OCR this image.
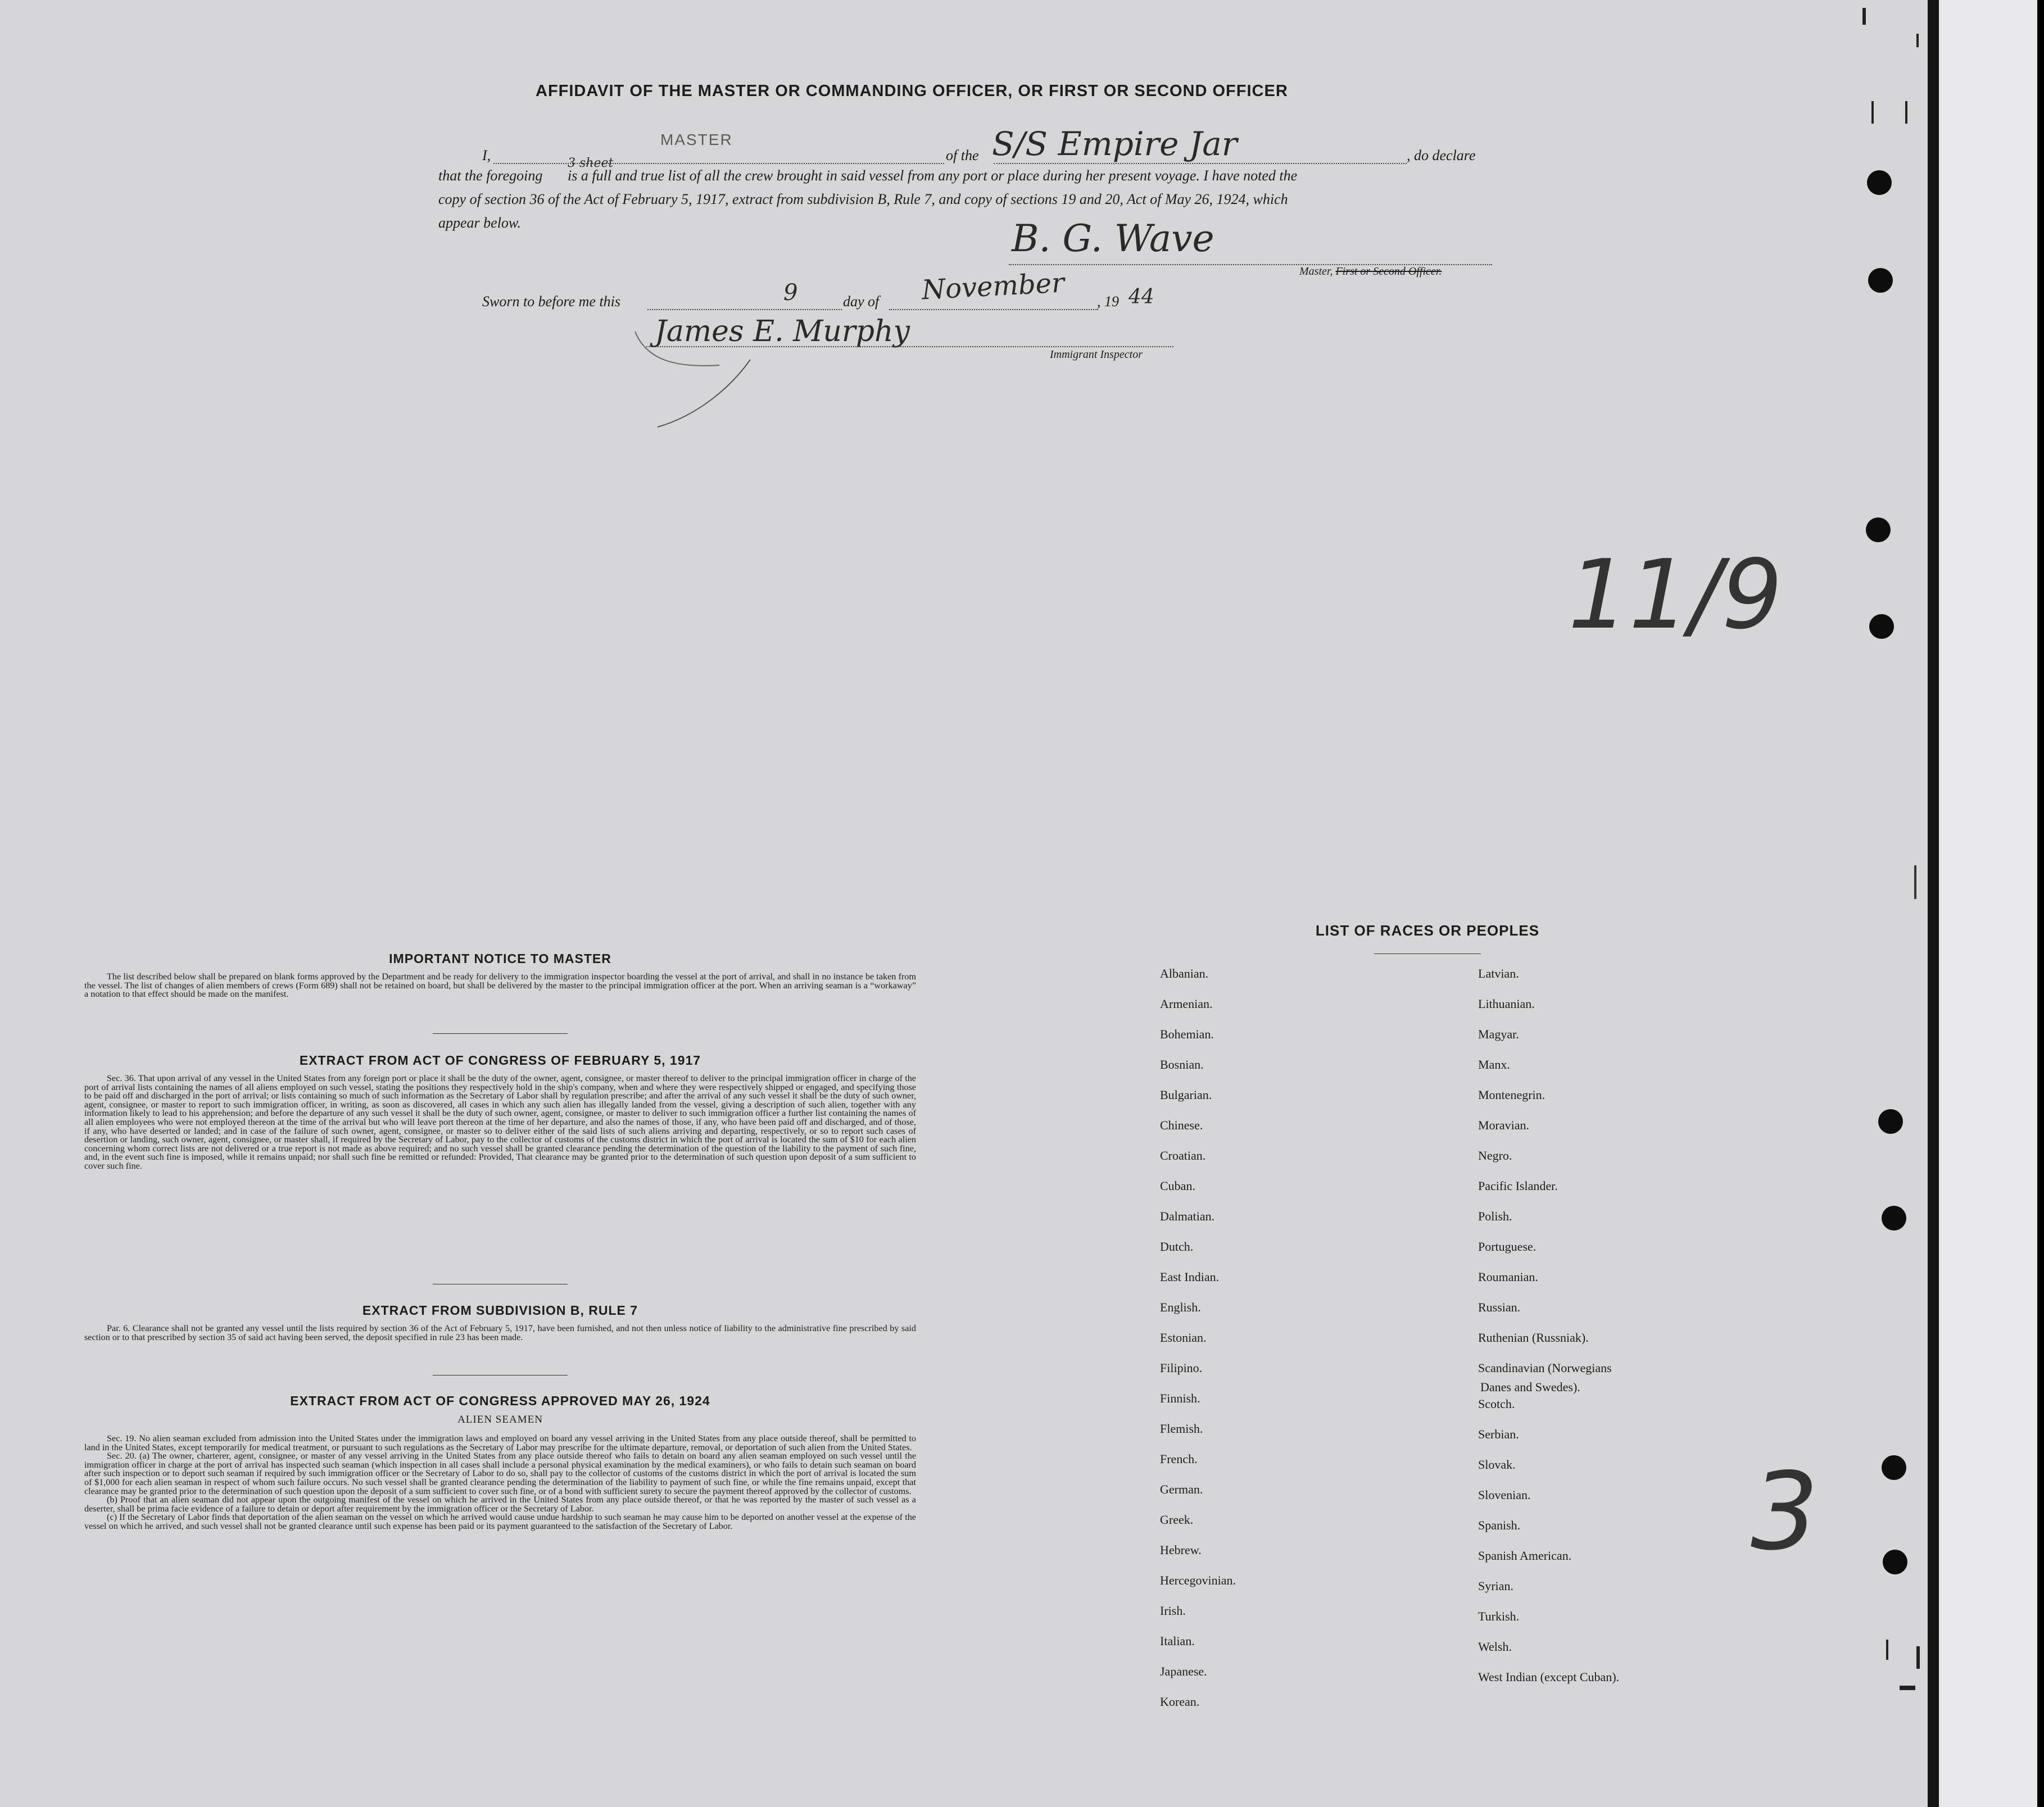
AFFIDAVIT OF THE MASTER OR COMMANDING OFFICER, OR FIRST OR SECOND OFFICER
MASTER
I,	of the S/S Empire Jar	, do declare
that the foregoing
3 sheet
is a full and true list of all the crew brought in said vessel from any port or place during her present voyage. I have noted the
copy of section 36 of the Act of February 5, 1917, extract from subdivision B, Rule 7, and copy of sections 19 and 20, Act of May 26, 1924, which
appear below.	B. G. Wave
Master, First or Second Officer.
Sworn to before me this	9	day of November , 19 44
James E. Murphy
Immigrant Inspector
11/9
3
IMPORTANT NOTICE TO MASTER

The list described below shall be prepared on blank forms approved by the Department and be ready for delivery to the immigration inspector boarding the vessel at the port of arrival, and shall in no instance be taken from the vessel. The list of changes of alien members of crews (Form 689) shall not be retained on board, but shall be delivered by the master to the principal immigration officer at the port. When an arriving seaman is a “workaway” a notation to that effect should be made on the manifest.

EXTRACT FROM ACT OF CONGRESS OF FEBRUARY 5, 1917

Sec. 36. That upon arrival of any vessel in the United States from any foreign port or place it shall be the duty of the owner, agent, consignee, or master thereof to deliver to the principal immigration officer in charge of the port of arrival lists containing the names of all aliens employed on such vessel, stating the positions they respectively hold in the ship's company, when and where they were respectively shipped or engaged, and specifying those to be paid off and discharged in the port of arrival; or lists containing so much of such information as the Secretary of Labor shall by regulation prescribe; and after the arrival of any such vessel it shall be the duty of such owner, agent, consignee, or master to report to such immigration officer, in writing, as soon as discovered, all cases in which any such alien has illegally landed from the vessel, giving a description of such alien, together with any information likely to lead to his apprehension; and before the departure of any such vessel it shall be the duty of such owner, agent, consignee, or master to deliver to such immigration officer a further list containing the names of all alien employees who were not employed thereon at the time of the arrival but who will leave port thereon at the time of her departure, and also the names of those, if any, who have been paid off and discharged, and of those, if any, who have deserted or landed; and in case of the failure of such owner, agent, consignee, or master so to deliver either of the said lists of such aliens arriving and departing, respectively, or so to report such cases of desertion or landing, such owner, agent, consignee, or master shall, if required by the Secretary of Labor, pay to the collector of customs of the customs district in which the port of arrival is located the sum of $10 for each alien concerning whom correct lists are not delivered or a true report is not made as above required; and no such vessel shall be granted clearance pending the determination of the question of the liability to the payment of such fine, and, in the event such fine is imposed, while it remains unpaid; nor shall such fine be remitted or refunded: Provided, That clearance may be granted prior to the determination of such question upon deposit of a sum sufficient to cover such fine.

EXTRACT FROM SUBDIVISION B, RULE 7

Par. 6. Clearance shall not be granted any vessel until the lists required by section 36 of the Act of February 5, 1917, have been furnished, and not then unless notice of liability to the administrative fine prescribed by said section or to that prescribed by section 35 of said act having been served, the deposit specified in rule 23 has been made.

EXTRACT FROM ACT OF CONGRESS APPROVED MAY 26, 1924
ALIEN SEAMEN

Sec. 19. No alien seaman excluded from admission into the United States under the immigration laws and employed on board any vessel arriving in the United States from any place outside thereof, shall be permitted to land in the United States, except temporarily for medical treatment, or pursuant to such regulations as the Secretary of Labor may prescribe for the ultimate departure, removal, or deportation of such alien from the United States.

Sec. 20. (a) The owner, charterer, agent, consignee, or master of any vessel arriving in the United States from any place outside thereof who fails to detain on board any alien seaman employed on such vessel until the immigration officer in charge at the port of arrival has inspected such seaman (which inspection in all cases shall include a personal physical examination by the medical examiners), or who fails to detain such seaman on board after such inspection or to deport such seaman if required by such immigration officer or the Secretary of Labor to do so, shall pay to the collector of customs of the customs district in which the port of arrival is located the sum of $1,000 for each alien seaman in respect of whom such failure occurs. No such vessel shall be granted clearance pending the determination of the liability to payment of such fine, or while the fine remains unpaid, except that clearance may be granted prior to the determination of such question upon the deposit of a sum sufficient to cover such fine, or of a bond with sufficient surety to secure the payment thereof approved by the collector of customs.

(b) Proof that an alien seaman did not appear upon the outgoing manifest of the vessel on which he arrived in the United States from any place outside thereof, or that he was reported by the master of such vessel as a deserter, shall be prima facie evidence of a failure to detain or deport after requirement by the immigration officer or the Secretary of Labor.

(c) If the Secretary of Labor finds that deportation of the alien seaman on the vessel on which he arrived would cause undue hardship to such seaman he may cause him to be deported on another vessel at the expense of the vessel on which he arrived, and such vessel shall not be granted clearance until such expense has been paid or its payment guaranteed to the satisfaction of the Secretary of Labor.

LIST OF RACES OR PEOPLES
Albanian.
Armenian.
Bohemian.
Bosnian.
Bulgarian.
Chinese.
Croatian.
Cuban.
Dalmatian.
Dutch.
East Indian.
English.
Estonian.
Filipino.
Finnish.
Flemish.
French.
German.
Greek.
Hebrew.
Hercegovinian.
Irish.
Italian.
Japanese.
Korean.
Latvian.
Lithuanian.
Magyar.
Manx.
Montenegrin.
Moravian.
Negro.
Pacific Islander.
Polish.
Portuguese.
Roumanian.
Russian.
Ruthenian (Russniak).
Scandinavian (Norwegians
Danes and Swedes).
Scotch.
Serbian.
Slovak.
Slovenian.
Spanish.
Spanish American.
Syrian.
Turkish.
Welsh.
West Indian (except Cuban).
